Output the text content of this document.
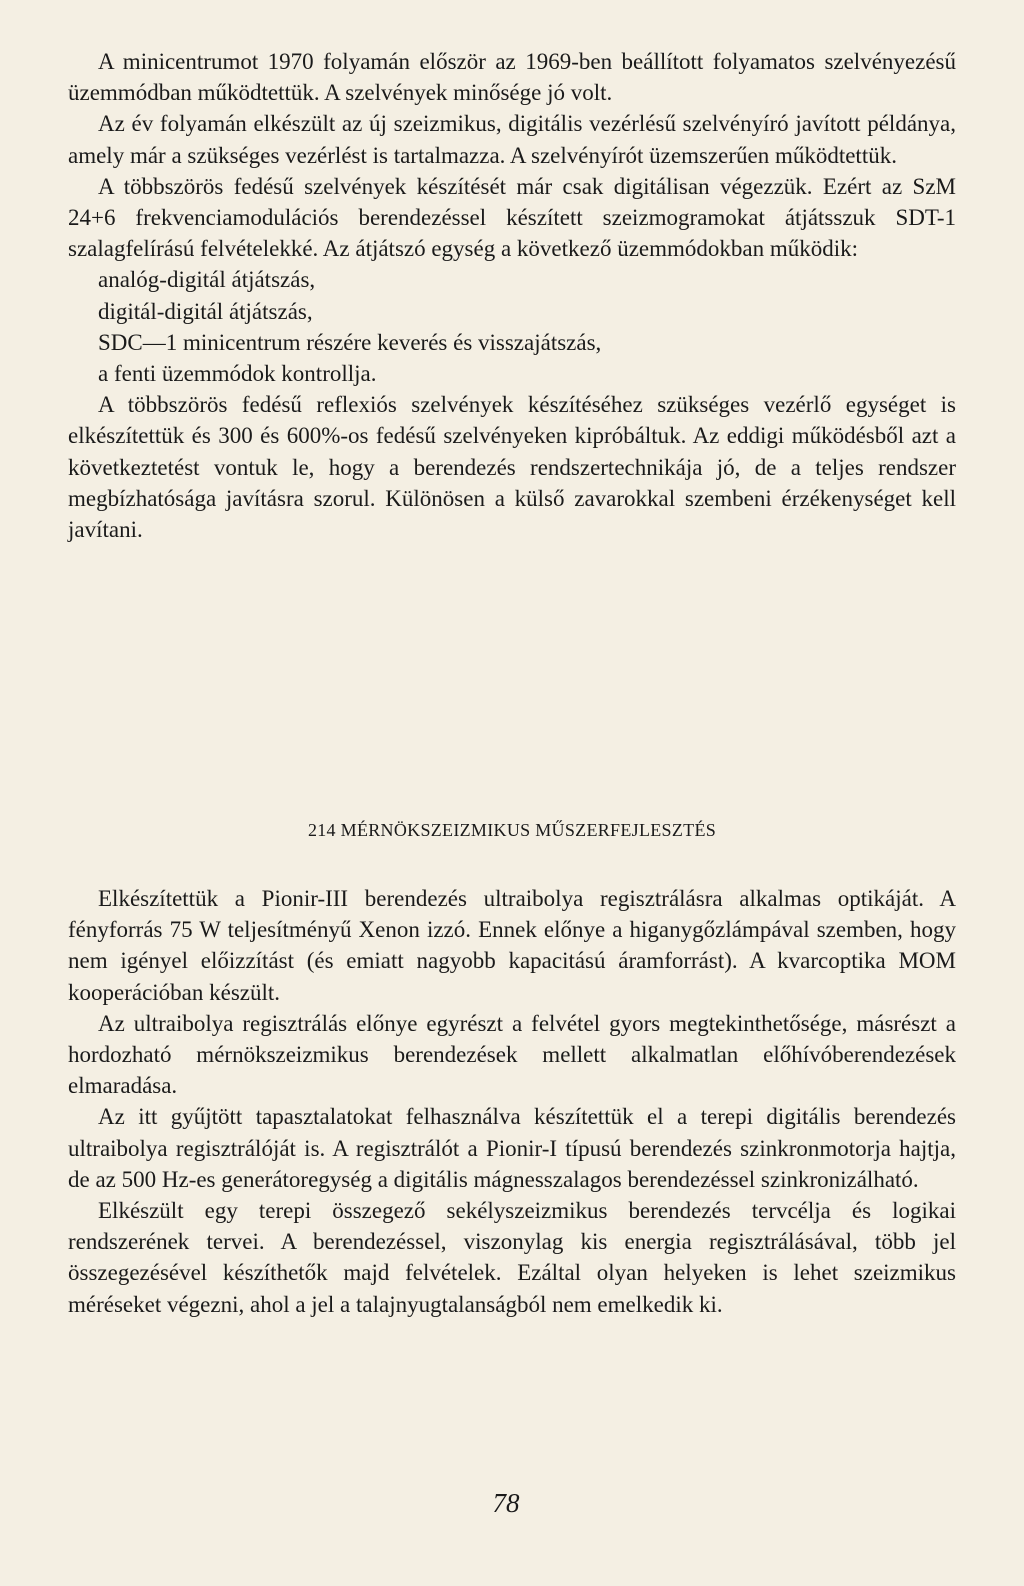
A minicentrumot 1970 folyamán először az 1969-ben beállított folyamatos szelvényezésű üzemmódban működtettük. A szelvények minősége jó volt.

Az év folyamán elkészült az új szeizmikus, digitális vezérlésű szelvényíró javított példánya, amely már a szükséges vezérlést is tartalmazza. A szelvényírót üzemszerűen működtettük.

A többszörös fedésű szelvények készítését már csak digitálisan végezzük. Ezért az SzM 24+6 frekvenciamodulációs berendezéssel készített szeizmogramokat átjátsszuk SDT-1 szalagfelírású felvételekké. Az átjátszó egység a következő üzemmódokban működik:

analóg-digitál átjátszás,

digitál-digitál átjátszás,

SDC—1 minicentrum részére keverés és visszajátszás,

a fenti üzemmódok kontrollja.

A többszörös fedésű reflexiós szelvények készítéséhez szükséges vezérlő egységet is elkészítettük és 300 és 600%-os fedésű szelvényeken kipróbáltuk. Az eddigi működésből azt a következtetést vontuk le, hogy a berendezés rendszertechnikája jó, de a teljes rendszer megbízhatósága javításra szorul. Különösen a külső zavarokkal szembeni érzékenységet kell javítani.

214 MÉRNÖKSZEIZMIKUS MŰSZERFEJLESZTÉS

Elkészítettük a Pionir-III berendezés ultraibolya regisztrálásra alkalmas optikáját. A fényforrás 75 W teljesítményű Xenon izzó. Ennek előnye a higanygőzlámpával szemben, hogy nem igényel előizzítást (és emiatt nagyobb kapacitású áramforrást). A kvarcoptika MOM kooperációban készült.

Az ultraibolya regisztrálás előnye egyrészt a felvétel gyors megtekinthetősége, másrészt a hordozható mérnökszeizmikus berendezések mellett alkalmatlan előhívóberendezések elmaradása.

Az itt gyűjtött tapasztalatokat felhasználva készítettük el a terepi digitális berendezés ultraibolya regisztrálóját is. A regisztrálót a Pionir-I típusú berendezés szinkronmotorja hajtja, de az 500 Hz-es generátoregység a digitális mágnesszalagos berendezéssel szinkronizálható.

Elkészült egy terepi összegező sekélyszeizmikus berendezés tervcélja és logikai rendszerének tervei. A berendezéssel, viszonylag kis energia regisztrálásával, több jel összegezésével készíthetők majd felvételek. Ezáltal olyan helyeken is lehet szeizmikus méréseket végezni, ahol a jel a talajnyugtalanságból nem emelkedik ki.

78
